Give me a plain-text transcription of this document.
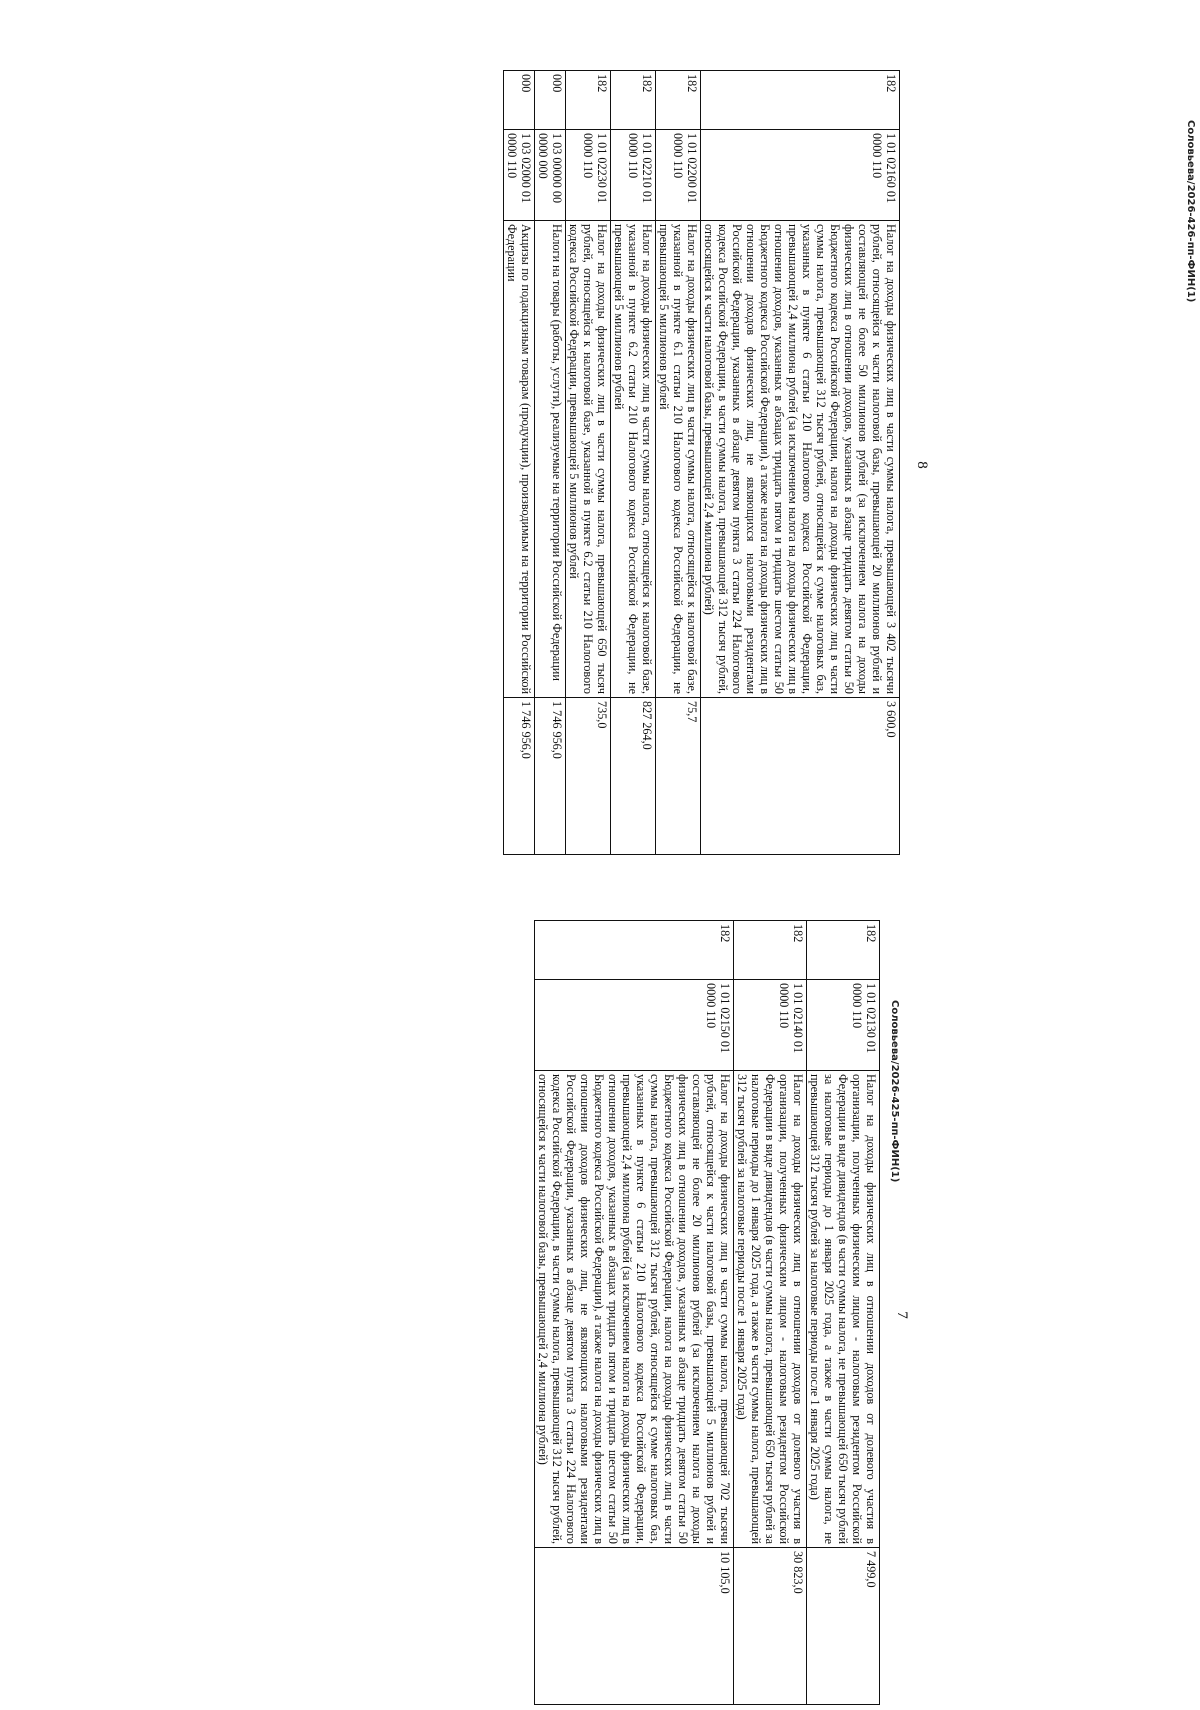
8
182	1 01 02160 01 0000 110	Налог на доходы физических лиц в части суммы налога, превышающей 3 402 тысячи рублей, относящейся к части налоговой базы, превышающей 20 миллионов рублей и составляющей не более 50 миллионов рублей (за исключением налога на доходы физических лиц в отношении доходов, указанных в абзаце тридцать девятом статьи 50 Бюджетного кодекса Российской Федерации, налога на доходы физических лиц в части суммы налога, превышающей 312 тысяч рублей, относящейся к сумме налоговых баз, указанных в пункте 6 статьи 210 Налогового кодекса Российской Федерации, превышающей 2,4 миллиона рублей (за исключением налога на доходы физических лиц в отношении доходов, указанных в абзацах тридцать пятом и тридцать шестом статьи 50 Бюджетного кодекса Российской Федерации), а также налога на доходы физических лиц в отношении доходов физических лиц, не являющихся налоговыми резидентами Российской Федерации, указанных в абзаце девятом пункта 3 статьи 224 Налогового кодекса Российской Федерации, в части суммы налога, превышающей 312 тысяч рублей, относящейся к части налоговой базы, превышающей 2,4 миллиона рублей)	3 600,0
182	1 01 02200 01 0000 110	Налог на доходы физических лиц в части суммы налога, относящейся к налоговой базе, указанной в пункте 6.1 статьи 210 Налогового кодекса Российской Федерации, не превышающей 5 миллионов рублей	75,7
182	1 01 02210 01 0000 110	Налог на доходы физических лиц в части суммы налога, относящейся к налоговой базе, указанной в пункте 6.2 статьи 210 Налогового кодекса Российской Федерации, не превышающей 5 миллионов рублей	827 264,0
182	1 01 02230 01 0000 110	Налог на доходы физических лиц в части суммы налога, превышающей 650 тысяч рублей, относящейся к налоговой базе, указанной в пункте 6.2 статьи 210 Налогового кодекса Российской Федерации, превышающей 5 миллионов рублей	735,0
000	1 03 00000 00 0000 000	Налоги на товары (работы, услуги), реализуемые на территории Российской Федерации	1 746 956,0
000	1 03 02000 01 0000 110	Акцизы по подакцизным товарам (продукции), производимым на территории Российской Федерации	1 746 956,0
7
182	1 01 02130 01 0000 110	Налог на доходы физических лиц в отношении доходов от долевого участия в организации, полученных физическим лицом - налоговым резидентом Российской Федерации в виде дивидендов (в части суммы налога, не превышающей 650 тысяч рублей за налоговые периоды до 1 января 2025 года, а также в части суммы налога, не превышающей 312 тысяч рублей за налоговые периоды после 1 января 2025 года)	7 499,0
182	1 01 02140 01 0000 110	Налог на доходы физических лиц в отношении доходов от долевого участия в организации, полученных физическим лицом - налоговым резидентом Российской Федерации в виде дивидендов (в части суммы налога, превышающей 650 тысяч рублей за налоговые периоды до 1 января 2025 года, а также в части суммы налога, превышающей 312 тысяч рублей за налоговые периоды после 1 января 2025 года)	30 823,0
182	1 01 02150 01 0000 110	Налог на доходы физических лиц в части суммы налога, превышающей 702 тысячи рублей, относящейся к части налоговой базы, превышающей 5 миллионов рублей и составляющей не более 20 миллионов рублей (за исключением налога на доходы физических лиц в отношении доходов, указанных в абзаце тридцать девятом статьи 50 Бюджетного кодекса Российской Федерации, налога на доходы физических лиц в части суммы налога, превышающей 312 тысяч рублей, относящейся к сумме налоговых баз, указанных в пункте 6 статьи 210 Налогового кодекса Российской Федерации, превышающей 2,4 миллиона рублей (за исключением налога на доходы физических лиц в отношении доходов, указанных в абзацах тридцать пятом и тридцать шестом статьи 50 Бюджетного кодекса Российской Федерации), а также налога на доходы физических лиц в отношении доходов физических лиц, не являющихся налоговыми резидентами Российской Федерации, указанных в абзаце девятом пункта 3 статьи 224 Налогового кодекса Российской Федерации, в части суммы налога, превышающей 312 тысяч рублей, относящейся к части налоговой базы, превышающей 2,4 миллиона рублей)	10 105,0
Соловьева/2026-426-пп-ФИН(1)
Соловьева/2026-425-пп-ФИН(1)
